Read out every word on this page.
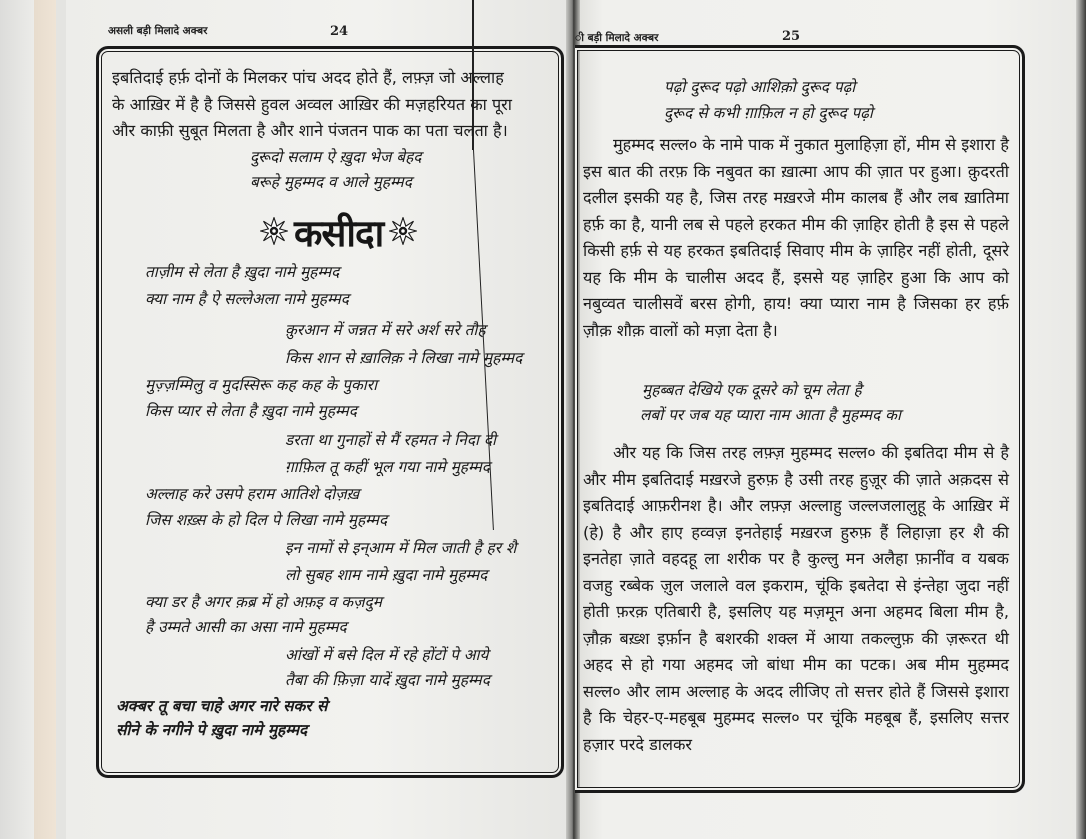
असली बड़ी मिलादे अक्बर	24	ी बड़ी मिलादे अक्बर	25
इबतिदाई हर्फ़ दोनों के मिलकर पांच अदद होते हैं, लफ़्ज़ जो अल्लाह
के आख़िर में है है जिससे हुवल अव्वल आख़िर की मज़हरियत का पूरा
और काफ़ी सुबूत मिलता है और शाने पंजतन पाक का पता चलता है।
दुरूदो सलाम ऐ ख़ुदा भेज बेहद
बरूहे मुहम्मद व आले मुहम्मद
कसीदा
ताज़ीम से लेता है ख़ुदा नामे मुहम्मद
क्या नाम है ऐ सल्लेअला नामे मुहम्मद
क़ुरआन में जन्नत में सरे अर्श सरे तौह
किस शान से ख़ालिक़ ने लिखा नामे मुहम्मद
मुज़्ज़म्मिलु व मुदस्सिरू कह कह के पुकारा
किस प्यार से लेता है ख़ुदा नामे मुहम्मद
डरता था गुनाहों से मैं रहमत ने निदा दी
ग़ाफ़िल तू कहीं भूल गया नामे मुहम्मद
अल्लाह करे उसपे हराम आतिशे दोज़ख़
जिस शख़्स के हो दिल पे लिखा नामे मुहम्मद
इन नामों से इन्आम में मिल जाती है हर शै
लो सुबह शाम नामे ख़ुदा नामे मुहम्मद
क्या डर है अगर क़ब्र में हो अफ़इ व कज़दुम
है उम्मते आसी का असा नामे मुहम्मद
आंखों में बसे दिल में रहे होंटों पे आये
तैबा की फ़िज़ा यादें ख़ुदा नामे मुहम्मद
अक्बर तू बचा चाहे अगर नारे सकर से
सीने के नगीने पे ख़ुदा नामे मुहम्मद
पढ़ो दुरूद पढ़ो आशिक़ो दुरूद पढ़ो
दुरूद से कभी ग़ाफ़िल न हो दुरूद पढ़ो

मुहम्मद सल्ल० के नामे पाक में नुकात मुलाहिज़ा हों, मीम से इशारा है इस बात की तरफ़ कि नबुवत का ख़ात्मा आप की ज़ात पर हुआ। क़ुदरती दलील इसकी यह है, जिस तरह मख़रजे मीम कालब हैं और लब ख़ातिमा हर्फ़ का है, यानी लब से पहले हरकत मीम की ज़ाहिर होती है इस से पहले किसी हर्फ़ से यह हरकत इबतिदाई सिवाए मीम के ज़ाहिर नहीं होती, दूसरे यह कि मीम के चालीस अदद हैं, इससे यह ज़ाहिर हुआ कि आप को नबुव्वत चालीसवें बरस होगी, हाय! क्या प्यारा नाम है जिसका हर हर्फ़ ज़ौक़ शौक़ वालों को मज़ा देता है।

मुहब्बत देखिये एक दूसरे को चूम लेता है
लबों पर जब यह प्यारा नाम आता है मुहम्मद का

और यह कि जिस तरह लफ़्ज़ मुहम्मद सल्ल० की इबतिदा मीम से है और मीम इबतिदाई मख़रजे हुरुफ़ है उसी तरह हुज़ूर की ज़ाते अक़दस से इबतिदाई आफ़रीनश है। और लफ़्ज़ अल्लाहु जल्लजलालुहू के आख़िर में (हे) है और हाए हव्वज़ इनतेहाई मख़रज हुरुफ़ हैं लिहाज़ा हर शै की इनतेहा ज़ाते वहदहू ला शरीक पर है कुल्लु मन अलैहा फ़ानींव व यबक वजहु रब्बेक ज़ुल जलाले वल इकराम, चूंकि इबतेदा से इंन्तेहा जुदा नहीं होती फ़रक़ एतिबारी है, इसलिए यह मज़मून अना अहमद बिला मीम है, ज़ौक़ बख़्श इर्फ़ान है बशरकी शक्ल में आया तकल्लुफ़ की ज़रूरत थी अहद से हो गया अहमद जो बांधा मीम का पटक। अब मीम मुहम्मद सल्ल० और लाम अल्लाह के अदद लीजिए तो सत्तर होते हैं जिससे इशारा है कि चेहर-ए-महबूब मुहम्मद सल्ल० पर चूंकि महबूब हैं, इसलिए सत्तर हज़ार परदे डालकर
